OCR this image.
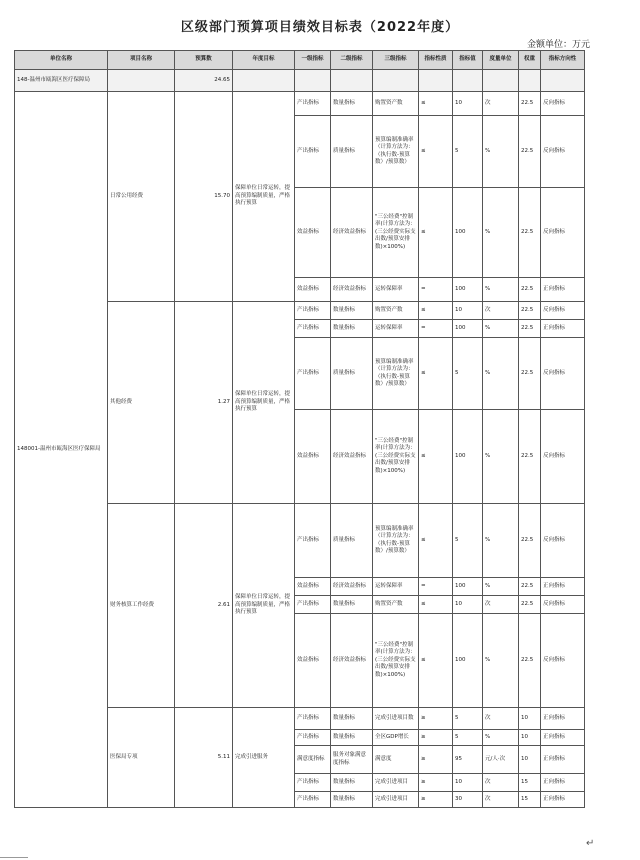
区级部门预算项目绩效目标表（2022年度）
金额单位：万元
单位名称	项目名称	预算数	年度目标	一级指标	二级指标	三级指标	指标性质	指标值	度量单位	权重	指标方向性
148-温州市瓯海区医疗保障局		24.65									
148001-温州市瓯海区医疗保障局	日常公用经费	15.70	保障单位日常运转，提高预算编制质量，严格执行预算	产出指标	数量指标	购置资产数	≤	10	次	22.5	反向指标
				产出指标	质量指标	预算编制准确率（计算方法为：（执行数-预算数）/预算数）	≤	5	%	22.5	反向指标
				效益指标	经济效益指标	"三公经费"控制率(计算方法为：(三公经费实际支出数/预算安排数)×100%)	≤	100	%	22.5	反向指标
				效益指标	经济效益指标	运转保障率	=	100	%	22.5	正向指标
	其他经费	1.27	保障单位日常运转，提高预算编制质量，严格执行预算	产出指标	数量指标	购置资产数	≤	10	次	22.5	反向指标
				产出指标	数量指标	运转保障率	=	100	%	22.5	正向指标
				产出指标	质量指标	预算编制准确率（计算方法为：（执行数-预算数）/预算数）	≤	5	%	22.5	反向指标
				效益指标	经济效益指标	"三公经费"控制率(计算方法为：(三公经费实际支出数/预算安排数)×100%)	≤	100	%	22.5	反向指标
	财务核算工作经费	2.61	保障单位日常运转，提高预算编制质量，严格执行预算	产出指标	质量指标	预算编制准确率（计算方法为：（执行数-预算数）/预算数）	≤	5	%	22.5	反向指标
				效益指标	经济效益指标	运转保障率	=	100	%	22.5	正向指标
				产出指标	数量指标	购置资产数	≤	10	次	22.5	反向指标
				效益指标	经济效益指标	"三公经费"控制率(计算方法为：(三公经费实际支出数/预算安排数)×100%)	≤	100	%	22.5	反向指标
	医保局专项	5.11	完成引进服务	产出指标	数量指标	完成引进项目数	≥	5	次	10	正向指标
				产出指标	数量指标	全区GDP增长	≥	5	%	10	正向指标
				满意度指标	服务对象满意度指标	满意度	≥	95	元/人·次	10	正向指标
				产出指标	数量指标	完成引进项目	≥	10	次	15	正向指标
				产出指标	数量指标	完成引进项目	≥	30	次	15	正向指标
↵
